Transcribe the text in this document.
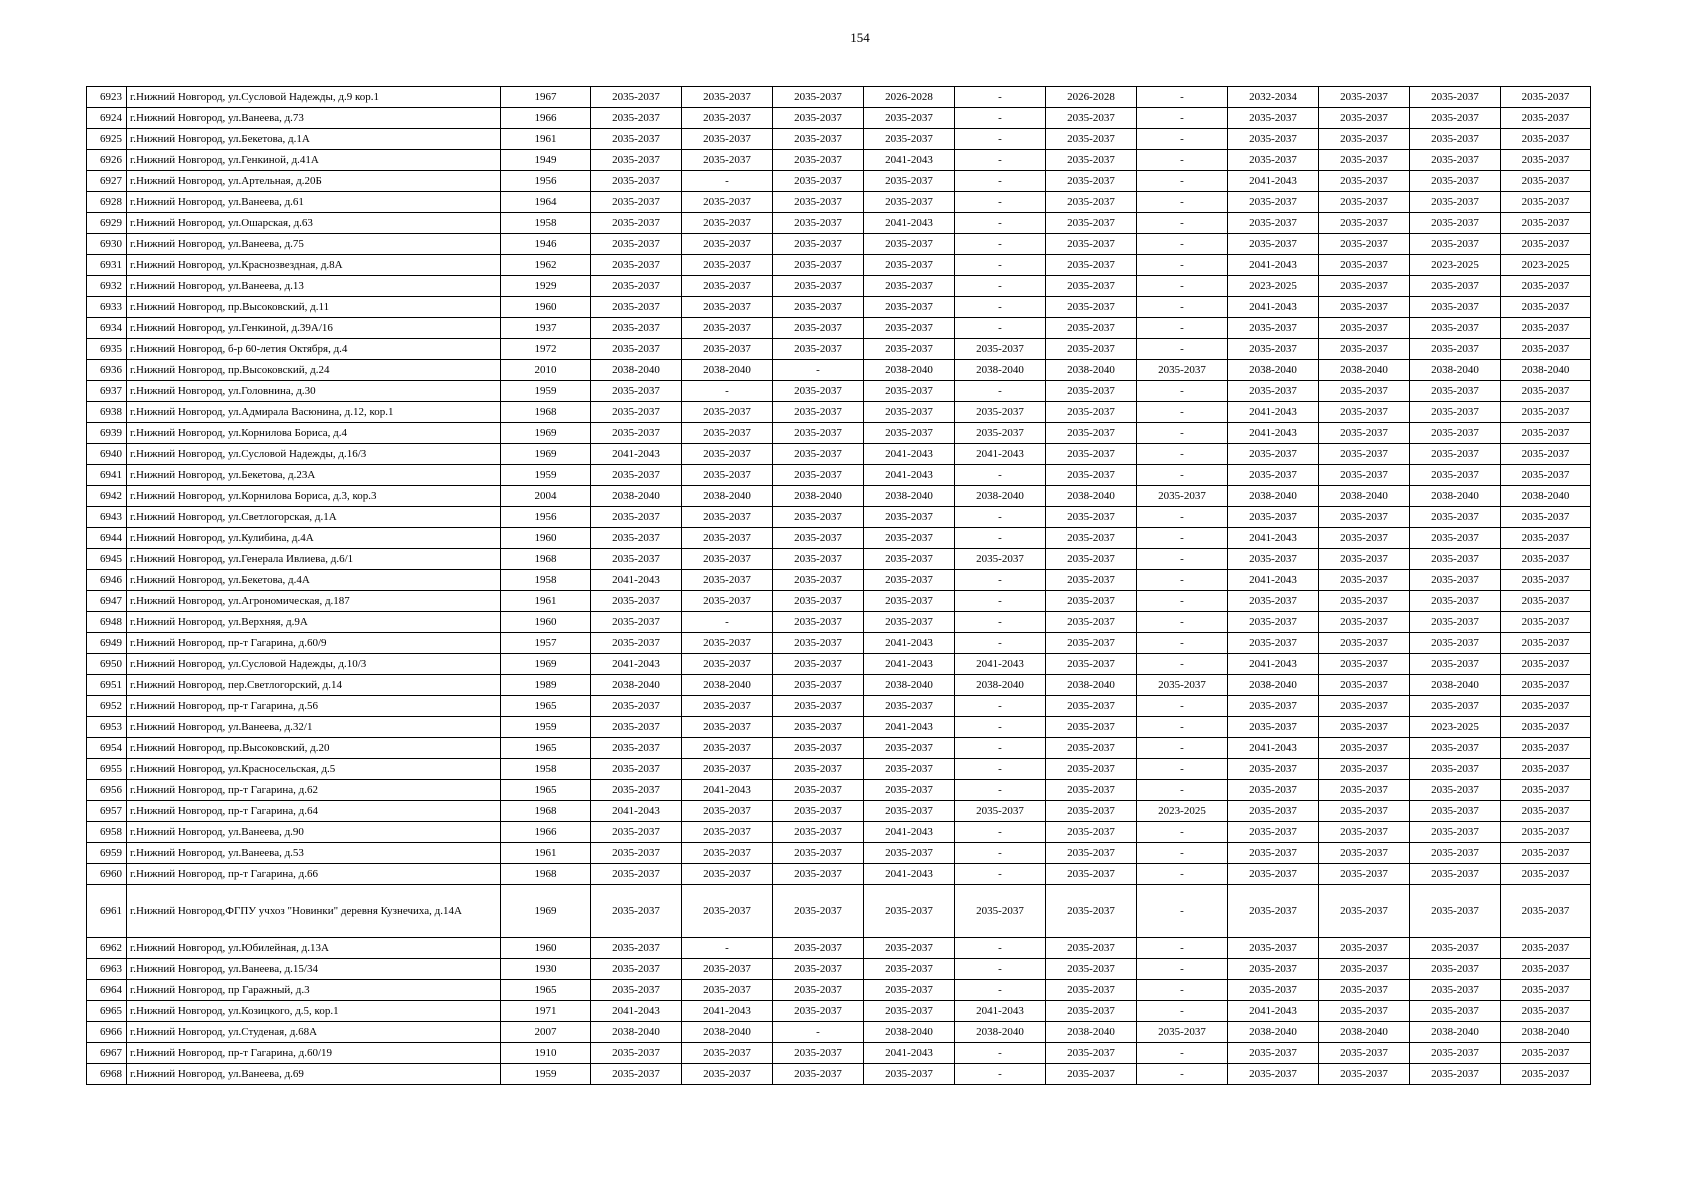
154
6923	г.Нижний Новгород, ул.Сусловой Надежды, д.9 кор.1	1967	2035-2037	2035-2037	2035-2037	2026-2028	-	2026-2028	-	2032-2034	2035-2037	2035-2037	2035-2037
6924	г.Нижний Новгород, ул.Ванеева, д.73	1966	2035-2037	2035-2037	2035-2037	2035-2037	-	2035-2037	-	2035-2037	2035-2037	2035-2037	2035-2037
6925	г.Нижний Новгород, ул.Бекетова, д.1А	1961	2035-2037	2035-2037	2035-2037	2035-2037	-	2035-2037	-	2035-2037	2035-2037	2035-2037	2035-2037
6926	г.Нижний Новгород, ул.Генкиной, д.41А	1949	2035-2037	2035-2037	2035-2037	2041-2043	-	2035-2037	-	2035-2037	2035-2037	2035-2037	2035-2037
6927	г.Нижний Новгород, ул.Артельная, д.20Б	1956	2035-2037	-	2035-2037	2035-2037	-	2035-2037	-	2041-2043	2035-2037	2035-2037	2035-2037
6928	г.Нижний Новгород, ул.Ванеева, д.61	1964	2035-2037	2035-2037	2035-2037	2035-2037	-	2035-2037	-	2035-2037	2035-2037	2035-2037	2035-2037
6929	г.Нижний Новгород, ул.Ошарская, д.63	1958	2035-2037	2035-2037	2035-2037	2041-2043	-	2035-2037	-	2035-2037	2035-2037	2035-2037	2035-2037
6930	г.Нижний Новгород, ул.Ванеева, д.75	1946	2035-2037	2035-2037	2035-2037	2035-2037	-	2035-2037	-	2035-2037	2035-2037	2035-2037	2035-2037
6931	г.Нижний Новгород, ул.Краснозвездная, д.8А	1962	2035-2037	2035-2037	2035-2037	2035-2037	-	2035-2037	-	2041-2043	2035-2037	2023-2025	2023-2025
6932	г.Нижний Новгород, ул.Ванеева, д.13	1929	2035-2037	2035-2037	2035-2037	2035-2037	-	2035-2037	-	2023-2025	2035-2037	2035-2037	2035-2037
6933	г.Нижний Новгород, пр.Высоковский, д.11	1960	2035-2037	2035-2037	2035-2037	2035-2037	-	2035-2037	-	2041-2043	2035-2037	2035-2037	2035-2037
6934	г.Нижний Новгород, ул.Генкиной, д.39А/16	1937	2035-2037	2035-2037	2035-2037	2035-2037	-	2035-2037	-	2035-2037	2035-2037	2035-2037	2035-2037
6935	г.Нижний Новгород, б-р 60-летия Октября, д.4	1972	2035-2037	2035-2037	2035-2037	2035-2037	2035-2037	2035-2037	-	2035-2037	2035-2037	2035-2037	2035-2037
6936	г.Нижний Новгород, пр.Высоковский, д.24	2010	2038-2040	2038-2040	-	2038-2040	2038-2040	2038-2040	2035-2037	2038-2040	2038-2040	2038-2040	2038-2040
6937	г.Нижний Новгород, ул.Головнина, д.30	1959	2035-2037	-	2035-2037	2035-2037	-	2035-2037	-	2035-2037	2035-2037	2035-2037	2035-2037
6938	г.Нижний Новгород, ул.Адмирала Васюнина, д.12, кор.1	1968	2035-2037	2035-2037	2035-2037	2035-2037	2035-2037	2035-2037	-	2041-2043	2035-2037	2035-2037	2035-2037
6939	г.Нижний Новгород, ул.Корнилова Бориса, д.4	1969	2035-2037	2035-2037	2035-2037	2035-2037	2035-2037	2035-2037	-	2041-2043	2035-2037	2035-2037	2035-2037
6940	г.Нижний Новгород, ул.Сусловой Надежды, д.16/3	1969	2041-2043	2035-2037	2035-2037	2041-2043	2041-2043	2035-2037	-	2035-2037	2035-2037	2035-2037	2035-2037
6941	г.Нижний Новгород, ул.Бекетова, д.23А	1959	2035-2037	2035-2037	2035-2037	2041-2043	-	2035-2037	-	2035-2037	2035-2037	2035-2037	2035-2037
6942	г.Нижний Новгород, ул.Корнилова Бориса, д.3, кор.3	2004	2038-2040	2038-2040	2038-2040	2038-2040	2038-2040	2038-2040	2035-2037	2038-2040	2038-2040	2038-2040	2038-2040
6943	г.Нижний Новгород, ул.Светлогорская, д.1А	1956	2035-2037	2035-2037	2035-2037	2035-2037	-	2035-2037	-	2035-2037	2035-2037	2035-2037	2035-2037
6944	г.Нижний Новгород, ул.Кулибина, д.4А	1960	2035-2037	2035-2037	2035-2037	2035-2037	-	2035-2037	-	2041-2043	2035-2037	2035-2037	2035-2037
6945	г.Нижний Новгород, ул.Генерала Ивлиева, д.6/1	1968	2035-2037	2035-2037	2035-2037	2035-2037	2035-2037	2035-2037	-	2035-2037	2035-2037	2035-2037	2035-2037
6946	г.Нижний Новгород, ул.Бекетова, д.4А	1958	2041-2043	2035-2037	2035-2037	2035-2037	-	2035-2037	-	2041-2043	2035-2037	2035-2037	2035-2037
6947	г.Нижний Новгород, ул.Агрономическая, д.187	1961	2035-2037	2035-2037	2035-2037	2035-2037	-	2035-2037	-	2035-2037	2035-2037	2035-2037	2035-2037
6948	г.Нижний Новгород, ул.Верхняя, д.9А	1960	2035-2037	-	2035-2037	2035-2037	-	2035-2037	-	2035-2037	2035-2037	2035-2037	2035-2037
6949	г.Нижний Новгород, пр-т Гагарина, д.60/9	1957	2035-2037	2035-2037	2035-2037	2041-2043	-	2035-2037	-	2035-2037	2035-2037	2035-2037	2035-2037
6950	г.Нижний Новгород, ул.Сусловой Надежды, д.10/3	1969	2041-2043	2035-2037	2035-2037	2041-2043	2041-2043	2035-2037	-	2041-2043	2035-2037	2035-2037	2035-2037
6951	г.Нижний Новгород, пер.Светлогорский, д.14	1989	2038-2040	2038-2040	2035-2037	2038-2040	2038-2040	2038-2040	2035-2037	2038-2040	2035-2037	2038-2040	2035-2037
6952	г.Нижний Новгород, пр-т Гагарина, д.56	1965	2035-2037	2035-2037	2035-2037	2035-2037	-	2035-2037	-	2035-2037	2035-2037	2035-2037	2035-2037
6953	г.Нижний Новгород, ул.Ванеева, д.32/1	1959	2035-2037	2035-2037	2035-2037	2041-2043	-	2035-2037	-	2035-2037	2035-2037	2023-2025	2035-2037
6954	г.Нижний Новгород, пр.Высоковский, д.20	1965	2035-2037	2035-2037	2035-2037	2035-2037	-	2035-2037	-	2041-2043	2035-2037	2035-2037	2035-2037
6955	г.Нижний Новгород, ул.Красносельская, д.5	1958	2035-2037	2035-2037	2035-2037	2035-2037	-	2035-2037	-	2035-2037	2035-2037	2035-2037	2035-2037
6956	г.Нижний Новгород, пр-т Гагарина, д.62	1965	2035-2037	2041-2043	2035-2037	2035-2037	-	2035-2037	-	2035-2037	2035-2037	2035-2037	2035-2037
6957	г.Нижний Новгород, пр-т Гагарина, д.64	1968	2041-2043	2035-2037	2035-2037	2035-2037	2035-2037	2035-2037	2023-2025	2035-2037	2035-2037	2035-2037	2035-2037
6958	г.Нижний Новгород, ул.Ванеева, д.90	1966	2035-2037	2035-2037	2035-2037	2041-2043	-	2035-2037	-	2035-2037	2035-2037	2035-2037	2035-2037
6959	г.Нижний Новгород, ул.Ванеева, д.53	1961	2035-2037	2035-2037	2035-2037	2035-2037	-	2035-2037	-	2035-2037	2035-2037	2035-2037	2035-2037
6960	г.Нижний Новгород, пр-т Гагарина, д.66	1968	2035-2037	2035-2037	2035-2037	2041-2043	-	2035-2037	-	2035-2037	2035-2037	2035-2037	2035-2037
6961	г.Нижний Новгород,ФГПУ учхоз "Новинки" деревня Кузнечиха, д.14А	1969	2035-2037	2035-2037	2035-2037	2035-2037	2035-2037	2035-2037	-	2035-2037	2035-2037	2035-2037	2035-2037
6962	г.Нижний Новгород, ул.Юбилейная, д.13А	1960	2035-2037	-	2035-2037	2035-2037	-	2035-2037	-	2035-2037	2035-2037	2035-2037	2035-2037
6963	г.Нижний Новгород, ул.Ванеева, д.15/34	1930	2035-2037	2035-2037	2035-2037	2035-2037	-	2035-2037	-	2035-2037	2035-2037	2035-2037	2035-2037
6964	г.Нижний Новгород, пр Гаражный, д.3	1965	2035-2037	2035-2037	2035-2037	2035-2037	-	2035-2037	-	2035-2037	2035-2037	2035-2037	2035-2037
6965	г.Нижний Новгород, ул.Козицкого, д.5, кор.1	1971	2041-2043	2041-2043	2035-2037	2035-2037	2041-2043	2035-2037	-	2041-2043	2035-2037	2035-2037	2035-2037
6966	г.Нижний Новгород, ул.Студеная, д.68А	2007	2038-2040	2038-2040	-	2038-2040	2038-2040	2038-2040	2035-2037	2038-2040	2038-2040	2038-2040	2038-2040
6967	г.Нижний Новгород, пр-т Гагарина, д.60/19	1910	2035-2037	2035-2037	2035-2037	2041-2043	-	2035-2037	-	2035-2037	2035-2037	2035-2037	2035-2037
6968	г.Нижний Новгород, ул.Ванеева, д.69	1959	2035-2037	2035-2037	2035-2037	2035-2037	-	2035-2037	-	2035-2037	2035-2037	2035-2037	2035-2037
